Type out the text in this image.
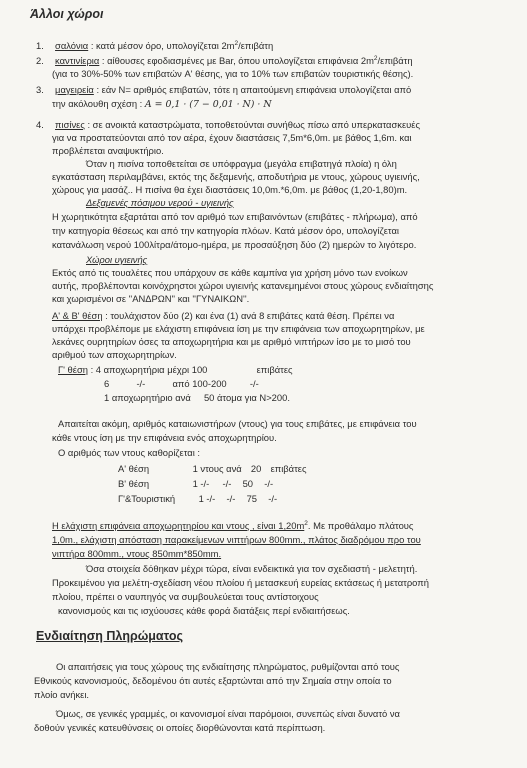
Άλλοι χώροι
1. σαλόνια : κατά μέσον όρο, υπολογίζεται $2m^2$/επιβάτη
2. καντινίερια : αίθουσες εφοδιασμένες με Bar, όπου υπολογίζεται επιφάνεια $2m^2$/επιβάτη
(για το 30%-50% των επιβατών A' θέσης, για το 10% των επιβατών τουριστικής θέσης).
3. μαγειρεία : εάν N= αριθμός επιβατών, τότε η απαιτούμενη επιφάνεια υπολογίζεται από
την ακόλουθη σχέση : A = 0,1 · (7 − 0,01 · N) · N
4. πισίνες : σε ανοικτά καταστρώματα, τοποθετούνται συνήθως πίσω από υπερκατασκευές
για να προστατεύονται από τον αέρα, έχουν διαστάσεις 7,5m*6,0m. με βάθος 1,6m. και
προβλέπεται αναψυκτήριο.
Όταν η πισίνα τοποθετείται σε υπόφραγμα (μεγάλα επιβατηγά πλοία) η όλη
εγκατάσταση περιλαμβάνει, εκτός της δεξαμενής, αποδυτήρια με ντους, χώρους υγιεινής,
χώρους για μασάζ.. Η πισίνα θα έχει διαστάσεις 10,0m.*6,0m. με βάθος (1,20-1,80)m.
Δεξαμενές πόσιμου νερού - υγιεινής
Η χωρητικότητα εξαρτάται από τον αριθμό των επιβαινόντων (επιβάτες - πλήρωμα), από
την κατηγορία θέσεως και από την κατηγορία πλόων. Κατά μέσον όρο, υπολογίζεται
κατανάλωση νερού 100λίτρα/άτομο-ημέρα, με προσαύξηση δύο (2) ημερών το λιγότερο.
Χώροι υγιεινής
Εκτός από τις τουαλέτες που υπάρχουν σε κάθε καμπίνα για χρήση μόνο των ενοίκων
αυτής, προβλέπονται κοινόχρηστοι χώροι υγιεινής κατανεμημένοι στους χώρους ενδιαίτησης
και χωρισμένοι σε ''ΑΝΔΡΩΝ'' και ''ΓΥΝΑΙΚΩΝ''.
A' & B' θέση : τουλάχιστον δύο (2) και ένα (1) ανά 8 επιβάτες κατά θέση. Πρέπει να
υπάρχει προβλέπομε με ελάχιστη επιφάνεια ίση με την επιφάνεια των αποχωρητηρίων, με
λεκάνες ουρητηρίων όσες τα αποχωρητήρια και με αριθμό νιπτήρων ίσο με το μισό του
αριθμού των αποχωρητηρίων.
Γ' θέση : 4 αποχωρητήρια μέχρι 100	επιβάτες
6	-/-	από 100-200 -/-
1 αποχωρητήριο ανά 50 άτομα για N>200.
Απαιτείται ακόμη, αριθμός καταιωνιστήρων (ντους) για τους επιβάτες, με επιφάνεια του
κάθε ντους ίση με την επιφάνεια ενός αποχωρητηρίου.
Ο αριθμός των ντους καθορίζεται :
Α' θέση	1 ντους ανά 20 επιβάτες
Β' θέση	1 -/- -/- 50 -/-
Γ'&Τουριστική 1 -/- -/- 75 -/-
Η ελάχιστη επιφάνεια αποχωρητηρίου και ντους , είναι $1,20m^2$. Με προθάλαμο πλάτους
1,0m., ελάχιστη απόσταση παρακείμενων νιπτήρων 800mm., πλάτος διαδρόμου προ του
νιπτήρα 800mm., ντους 850mm*850mm.
Όσα στοιχεία δόθηκαν μέχρι τώρα, είναι ενδεικτικά για τον σχεδιαστή - μελετητή.
Προκειμένου για μελέτη-σχεδίαση νέου πλοίου ή μετασκευή ευρείας εκτάσεως ή μετατροπή
πλοίου, πρέπει ο ναυπηγός να συμβουλεύεται τους αντίστοιχους
κανονισμούς και τις ισχύουσες κάθε φορά διατάξεις περί ενδιαιτήσεως.
Ενδιαίτηση Πληρώματος
Οι απαιτήσεις για τους χώρους της ενδιαίτησης πληρώματος, ρυθμίζονται από τους
Εθνικούς κανονισμούς, δεδομένου ότι αυτές εξαρτώνται από την Σημαία στην οποία το
πλοίο ανήκει.
Όμως, σε γενικές γραμμές, οι κανονισμοί είναι παρόμοιοι, συνεπώς είναι δυνατό να
δοθούν γενικές κατευθύνσεις οι οποίες διορθώνονται κατά περίπτωση.
